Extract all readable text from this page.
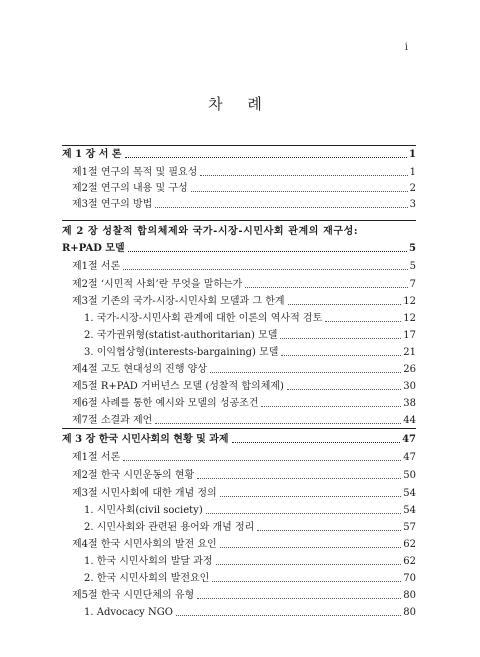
i
차 례
제 1 장 서 론	1
제1절 연구의 목적 및 필요성	1
제2절 연구의 내용 및 구성	2
제3절 연구의 방법	3
제 2 장 성찰적 합의체제와 국가-시장-시민사회 관계의 재구성:
R+PAD 모델	5
제1절 서론	5
제2절 ‘시민적 사회’란 무엇을 말하는가	7
제3절 기존의 국가-시장-시민사회 모델과 그 한계	12
1. 국가-시장-시민사회 관계에 대한 이론의 역사적 검토	12
2. 국가권위형(statist-authoritarian) 모델	17
3. 이익협상형(interests-bargaining) 모델	21
제4절 고도 현대성의 진행 양상	26
제5절 R+PAD 거버넌스 모델 (성찰적 합의체제)	30
제6절 사례를 통한 예시와 모델의 성공조건	38
제7절 소결과 제언	44
제 3 장 한국 시민사회의 현황 및 과제	47
제1절 서론	47
제2절 한국 시민운동의 현황	50
제3절 시민사회에 대한 개념 정의	54
1. 시민사회(civil society)	54
2. 시민사회와 관련된 용어와 개념 정리	57
제4절 한국 시민사회의 발전 요인	62
1. 한국 시민사회의 발달 과정	62
2. 한국 시민사회의 발전요인	70
제5절 한국 시민단체의 유형	80
1. Advocacy NGO	80
